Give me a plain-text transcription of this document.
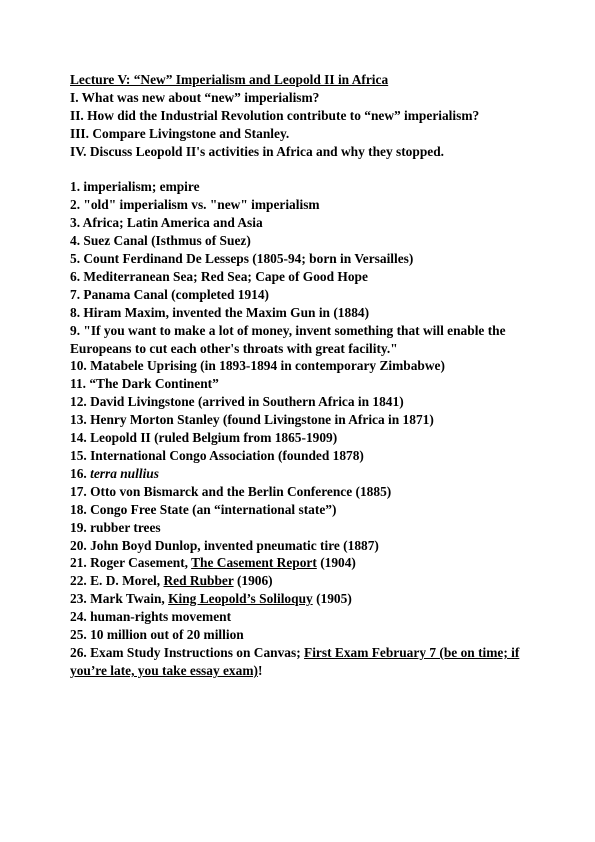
Lecture V: “New” Imperialism and Leopold II in Africa
I. What was new about “new” imperialism?
II. How did the Industrial Revolution contribute to “new” imperialism?
III. Compare Livingstone and Stanley.
IV. Discuss Leopold II's activities in Africa and why they stopped.
1. imperialism; empire
2. "old" imperialism vs. "new" imperialism
3. Africa; Latin America and Asia
4. Suez Canal (Isthmus of Suez)
5. Count Ferdinand De Lesseps (1805-94; born in Versailles)
6. Mediterranean Sea; Red Sea; Cape of Good Hope
7. Panama Canal (completed 1914)
8. Hiram Maxim, invented the Maxim Gun in (1884)
9. "If you want to make a lot of money, invent something that will enable the Europeans to cut each other's throats with great facility."
10. Matabele Uprising (in 1893-1894 in contemporary Zimbabwe)
11. “The Dark Continent”
12. David Livingstone (arrived in Southern Africa in 1841)
13. Henry Morton Stanley (found Livingstone in Africa in 1871)
14. Leopold II (ruled Belgium from 1865-1909)
15. International Congo Association (founded 1878)
16. terra nullius
17. Otto von Bismarck and the Berlin Conference (1885)
18. Congo Free State (an “international state”)
19. rubber trees
20. John Boyd Dunlop, invented pneumatic tire (1887)
21. Roger Casement, The Casement Report (1904)
22. E. D. Morel, Red Rubber (1906)
23. Mark Twain, King Leopold’s Soliloquy (1905)
24. human-rights movement
25. 10 million out of 20 million
26. Exam Study Instructions on Canvas; First Exam February 7 (be on time; if you’re late, you take essay exam)!
